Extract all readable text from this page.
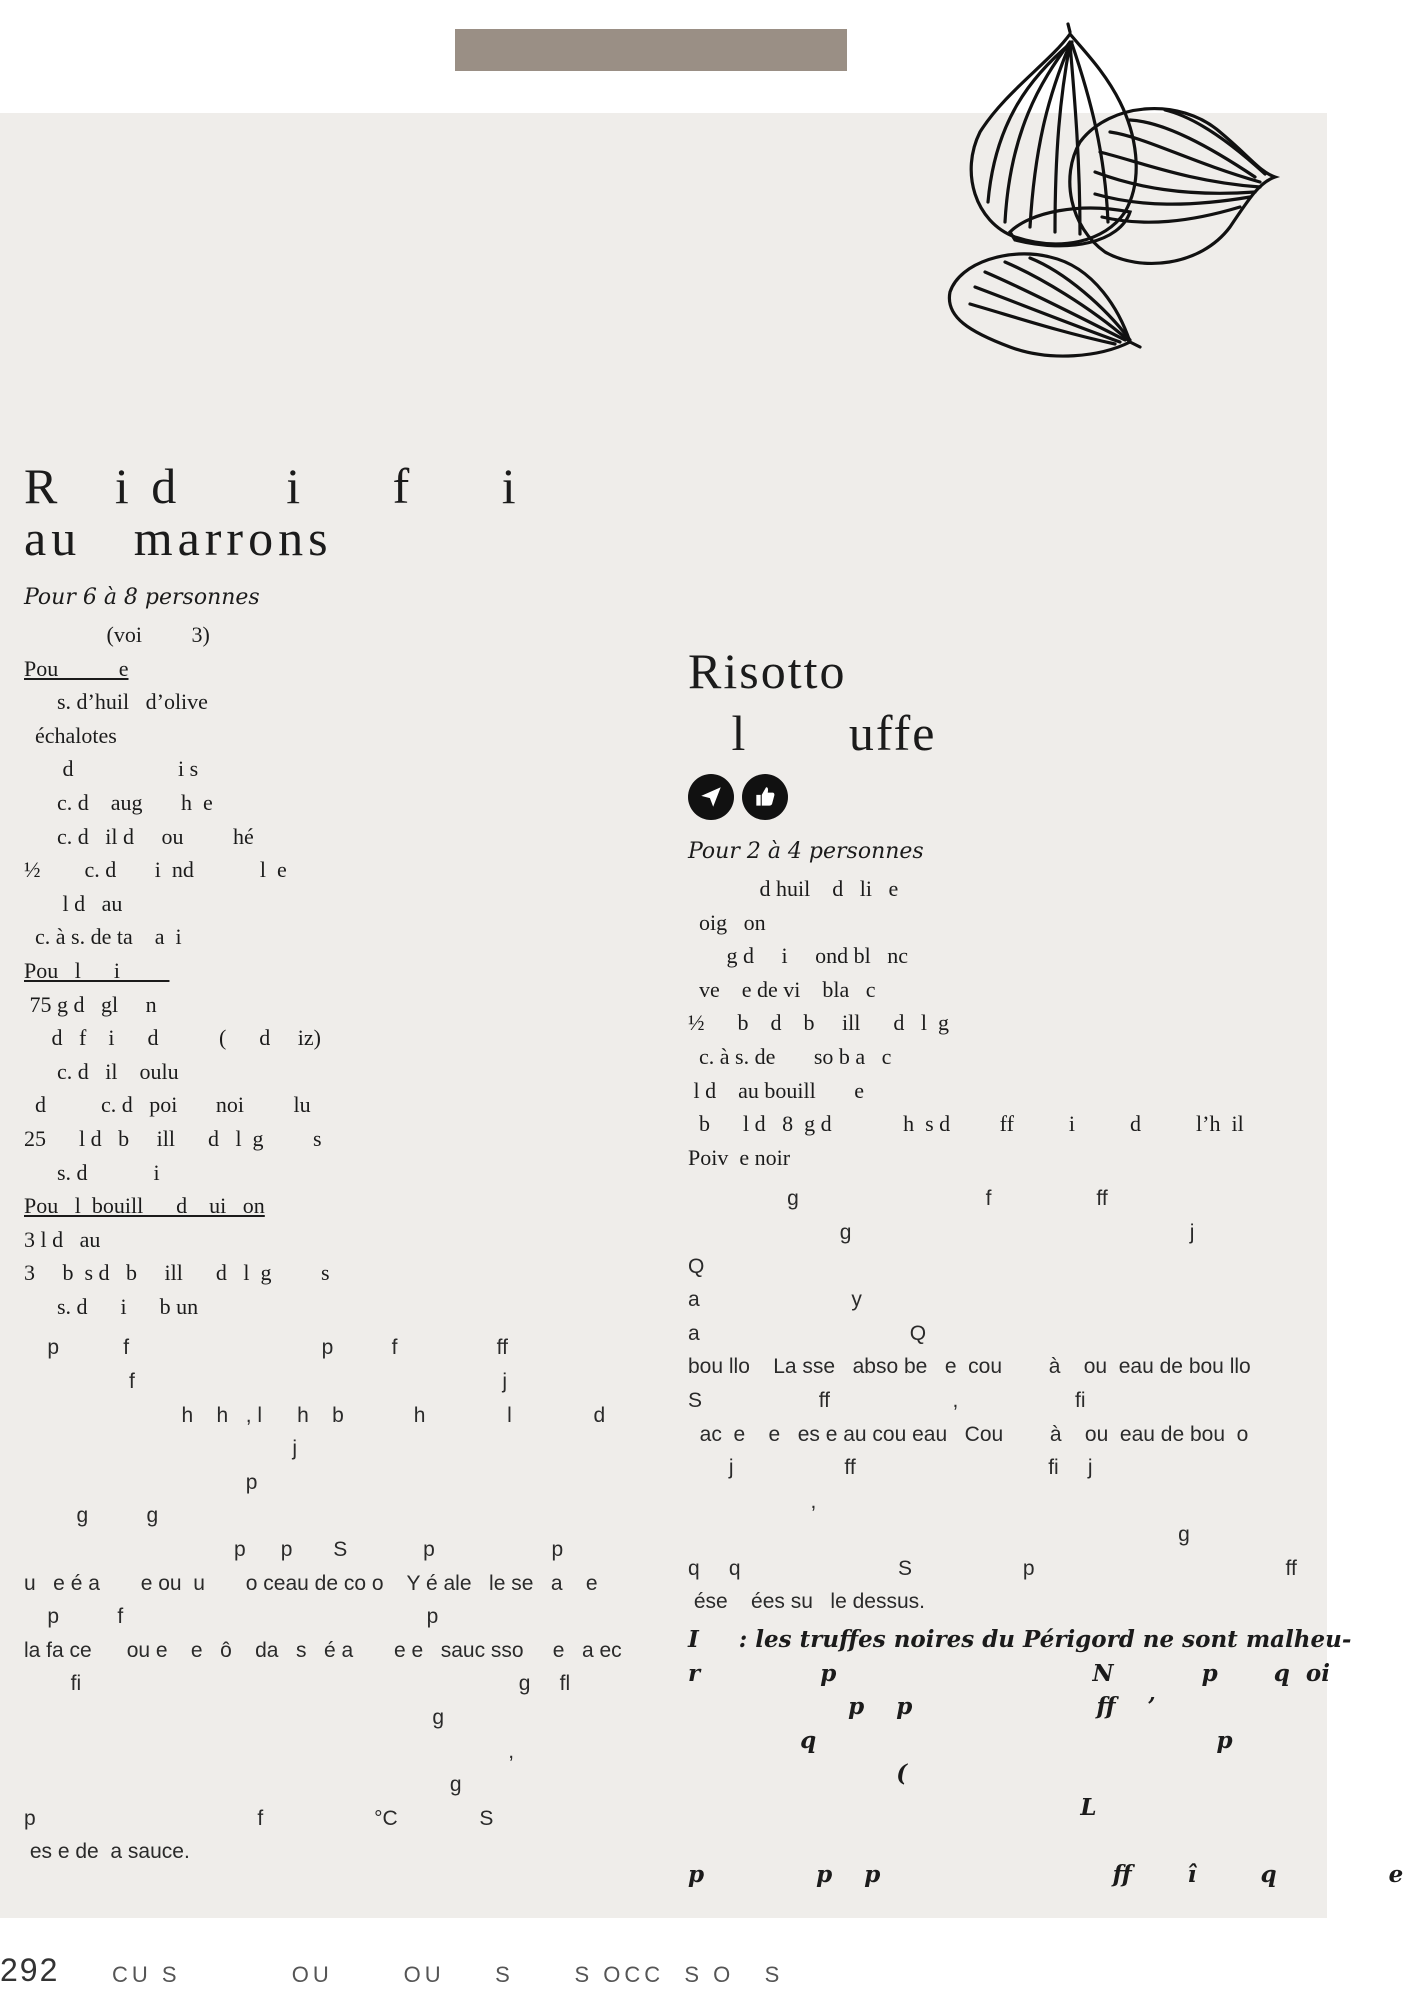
R   i d      i     f     i
au   marrons

Pour 6 à 8 personnes

(voi         3)

Pou           e

s. d’huil   d’olive

échalotes

d                   i s

c. d    aug       h  e

c. d   il d     ou         hé

½        c. d       i  nd            l  e

l d   au

c. à s. de ta    a  i

Pou   l      i

75 g d   gl     n

d   f    i      d           (      d     iz)

c. d   il    oulu

d          c. d   poi       noi         lu

25      l d   b     ill      d   l  g         s

s. d            i

Pou   l  bouill      d    ui   on

3 l d   au

3     b  s d   b     ill      d   l  g         s

s. d      i      b un

p           f                                 p          f                 ff

f                                                               j

h    h   , l      h    b            h              l              d

j

p

g          g

p      p       S             p                    p

u   e é a       e ou  u       o ceau de co o    Y é ale   le se   a    e

p          f                                                    p

la fa ce      ou e    e   ô    da   s   é a       e e   sauc sso     e   a ec

fi                                                                           g     fl

g

,

g

p                                      f                   °C              S

es e de  a sauce.

Risotto
l       uffe

Pour 2 à 4 personnes

d huil    d   li   e

oig   on

g d     i     ond bl   nc

ve    e de vi    bla   c

½      b    d    b     ill      d   l  g

c. à s. de       so b a   c

l d    au bouill       e

b      l d   8  g d             h  s d         ff          i          d          l’h  il

Poiv  e noir

g                                f                  ff

g                                                          j

Q

a                          y

a                                    Q

bou llo    La sse   abso be   e  cou        à    ou  eau de bou llo

S                    ff                     ,                    fi

ac  e    e   es e au cou eau   Cou        à    ou  eau de bou  o

j                   ff                                 fi     j

,

g

q     q                           S                   p                                           ff

ése    ées su   le dessus.

I     : les truffes noires du Périgord ne sont malheu-

r               p                                N           p       q  oi

p    p                       ff    ’

q                                                  p

(

L

p              p    p                             ff       î        q              e

292 CU S           OU       OU     S      S OCC  S O   S
